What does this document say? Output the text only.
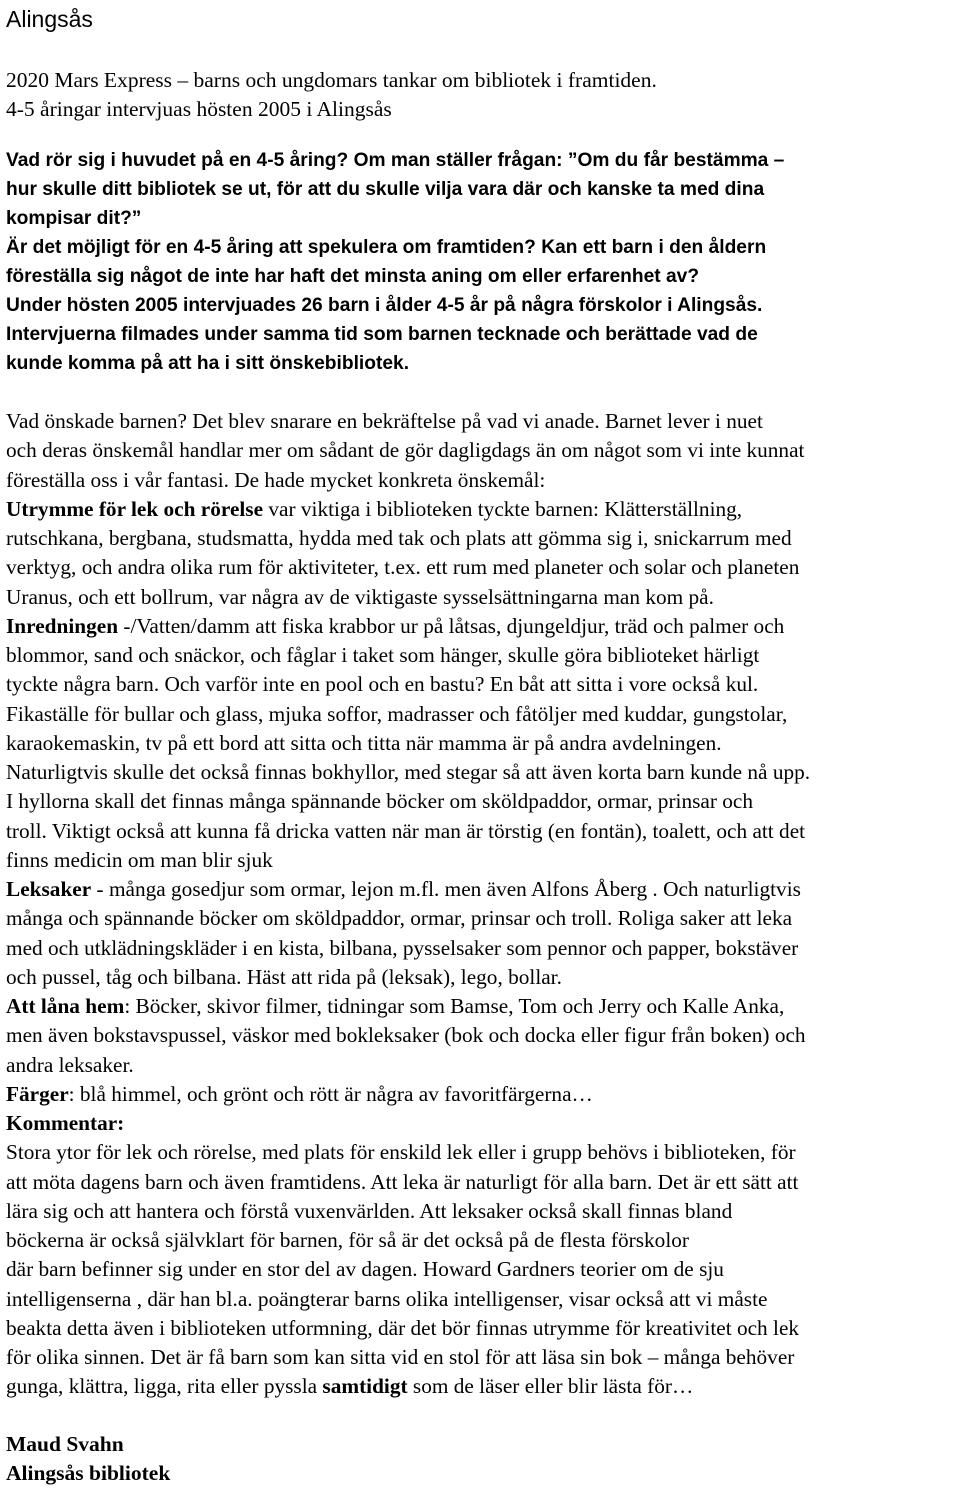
Alingsås
2020 Mars Express – barns och ungdomars tankar om bibliotek i framtiden.
4-5 åringar intervjuas hösten 2005 i Alingsås
Vad rör sig i huvudet på en 4-5 åring? Om man ställer frågan: ”Om du får bestämma –
hur skulle ditt bibliotek se ut, för att du skulle vilja vara där och kanske ta med dina
kompisar dit?”
Är det möjligt för en 4-5 åring att spekulera om framtiden? Kan ett barn i den åldern
föreställa sig något de inte har haft det minsta aning om eller erfarenhet av?
Under hösten 2005 intervjuades 26 barn i ålder 4-5 år på några förskolor i Alingsås.
Intervjuerna filmades under samma tid som barnen tecknade och berättade vad de
kunde komma på att ha i sitt önskebibliotek.
Vad önskade barnen? Det blev snarare en bekräftelse på vad vi anade. Barnet lever i nuet
och deras önskemål handlar mer om sådant de gör dagligdags än om något som vi inte kunnat
föreställa oss i vår fantasi. De hade mycket konkreta önskemål:
Utrymme för lek och rörelse var viktiga i biblioteken tyckte barnen: Klätterställning,
rutschkana, bergbana, studsmatta, hydda med tak och plats att gömma sig i, snickarrum med
verktyg, och andra olika rum för aktiviteter, t.ex. ett rum med planeter och solar och planeten
Uranus, och ett bollrum, var några av de viktigaste sysselsättningarna man kom på.
Inredningen -/Vatten/damm att fiska krabbor ur på låtsas, djungeldjur, träd och palmer och
blommor, sand och snäckor, och fåglar i taket som hänger, skulle göra biblioteket härligt
tyckte några barn. Och varför inte en pool och en bastu? En båt att sitta i vore också kul.
Fikaställe för bullar och glass, mjuka soffor, madrasser och fåtöljer med kuddar, gungstolar,
karaokemaskin, tv på ett bord att sitta och titta när mamma är på andra avdelningen.
Naturligtvis skulle det också finnas bokhyllor, med stegar så att även korta barn kunde nå upp.
I hyllorna skall det finnas många spännande böcker om sköldpaddor, ormar, prinsar och
troll. Viktigt också att kunna få dricka vatten när man är törstig (en fontän), toalett, och att det
finns medicin om man blir sjuk
Leksaker - många gosedjur som ormar, lejon m.fl. men även Alfons Åberg . Och naturligtvis
många och spännande böcker om sköldpaddor, ormar, prinsar och troll. Roliga saker att leka
med och utklädningskläder i en kista, bilbana, pysselsaker som pennor och papper, bokstäver
och pussel, tåg och bilbana. Häst att rida på (leksak), lego, bollar.
Att låna hem: Böcker, skivor filmer, tidningar som Bamse, Tom och Jerry och Kalle Anka,
men även bokstavspussel, väskor med bokleksaker (bok och docka eller figur från boken) och
andra leksaker.
Färger: blå himmel, och grönt och rött är några av favoritfärgerna…
Kommentar:
Stora ytor för lek och rörelse, med plats för enskild lek eller i grupp behövs i biblioteken, för
att möta dagens barn och även framtidens. Att leka är naturligt för alla barn. Det är ett sätt att
lära sig och att hantera och förstå vuxenvärlden. Att leksaker också skall finnas bland
böckerna är också självklart för barnen, för så är det också på de flesta förskolor
där barn befinner sig under en stor del av dagen. Howard Gardners teorier om de sju
intelligenserna , där han bl.a. poängterar barns olika intelligenser, visar också att vi måste
beakta detta även i biblioteken utformning, där det bör finnas utrymme för kreativitet och lek
för olika sinnen. Det är få barn som kan sitta vid en stol för att läsa sin bok – många behöver
gunga, klättra, ligga, rita eller pyssla samtidigt som de läser eller blir lästa för…
Maud Svahn
Alingsås bibliotek
